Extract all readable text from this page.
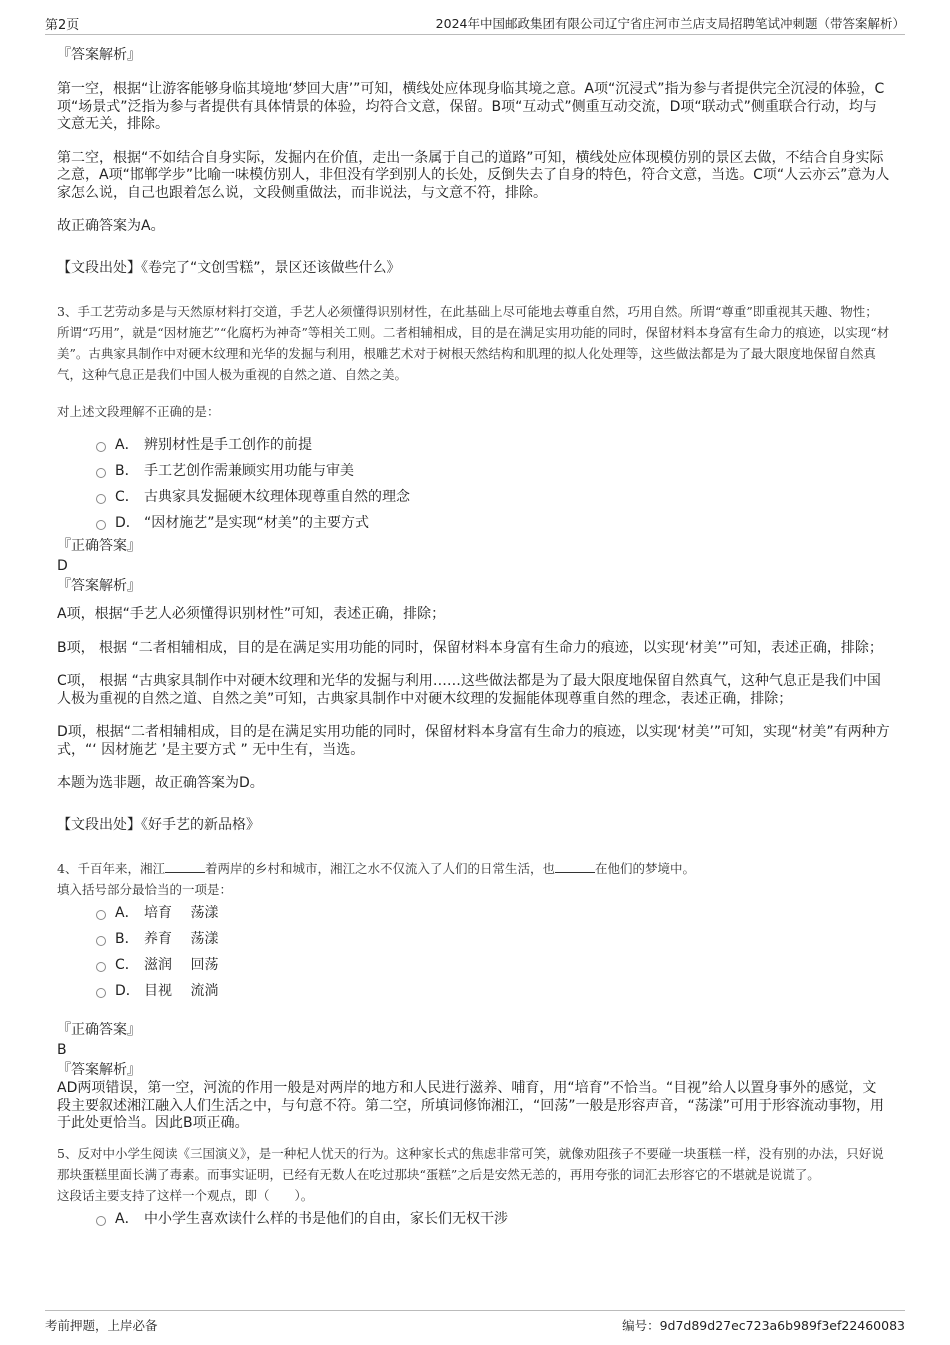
第2页	2024年中国邮政集团有限公司辽宁省庄河市兰店支局招聘笔试冲刺题（带答案解析）
『答案解析』

第一空，根据“让游客能够身临其境地‘梦回大唐’”可知，横线处应体现身临其境之意。A项“沉浸式”指为参与者提供完全沉浸的体验，C项“场景式”泛指为参与者提供有具体情景的体验，均符合文意，保留。B项“互动式”侧重互动交流，D项“联动式”侧重联合行动，均与文意无关，排除。

第二空，根据“不如结合自身实际，发掘内在价值，走出一条属于自己的道路”可知，横线处应体现模仿别的景区去做，不结合自身实际之意，A项“邯郸学步”比喻一味模仿别人，非但没有学到别人的长处，反倒失去了自身的特色，符合文意，当选。C项“人云亦云”意为人家怎么说，自己也跟着怎么说，文段侧重做法，而非说法，与文意不符，排除。

故正确答案为A。

【文段出处】《卷完了“文创雪糕”，景区还该做些什么》

3、手工艺劳动多是与天然原材料打交道，手艺人必须懂得识别材性，在此基础上尽可能地去尊重自然，巧用自然。所谓“尊重”即重视其天趣、物性；所谓“巧用”，就是“因材施艺”“化腐朽为神奇”等相关工则。二者相辅相成，目的是在满足实用功能的同时，保留材料本身富有生命力的痕迹，以实现“材美”。古典家具制作中对硬木纹理和光华的发掘与利用，根雕艺术对于树根天然结构和肌理的拟人化处理等，这些做法都是为了最大限度地保留自然真气，这种气息正是我们中国人极为重视的自然之道、自然之美。

对上述文段理解不正确的是：

A． 辨别材性是手工创作的前提
B． 手工艺创作需兼顾实用功能与审美
C． 古典家具发掘硬木纹理体现尊重自然的理念
D． “因材施艺”是实现“材美”的主要方式
『正确答案』
D
『答案解析』

A项，根据“手艺人必须懂得识别材性”可知，表述正确，排除；

B项， 根据 “二者相辅相成，目的是在满足实用功能的同时，保留材料本身富有生命力的痕迹，以实现‘材美’”可知，表述正确，排除；

C项， 根据 “古典家具制作中对硬木纹理和光华的发掘与利用……这些做法都是为了最大限度地保留自然真气，这种气息正是我们中国人极为重视的自然之道、自然之美”可知，古典家具制作中对硬木纹理的发掘能体现尊重自然的理念，表述正确，排除；

D项，根据“二者相辅相成，目的是在满足实用功能的同时，保留材料本身富有生命力的痕迹，以实现‘材美’”可知，实现“材美”有两种方式，“‘ 因材施艺 ’是主要方式 ” 无中生有，当选。

本题为选非题，故正确答案为D。

【文段出处】《好手艺的新品格》

4、千百年来，湘江	着两岸的乡村和城市，湘江之水不仅流入了人们的日常生活，也	在他们的梦境中。

填入括号部分最恰当的一项是：

A． 培育　 荡漾
B． 养育　 荡漾
C． 滋润　 回荡
D． 目视　 流淌
『正确答案』
B
『答案解析』

AD两项错误，第一空，河流的作用一般是对两岸的地方和人民进行滋养、哺育，用“培育”不恰当。“目视”给人以置身事外的感觉，文段主要叙述湘江融入人们生活之中，与句意不符。第二空，所填词修饰湘江，“回荡”一般是形容声音，“荡漾”可用于形容流动事物，用于此处更恰当。因此B项正确。

5、反对中小学生阅读《三国演义》，是一种杞人忧天的行为。这种家长式的焦虑非常可笑，就像劝阻孩子不要碰一块蛋糕一样，没有别的办法，只好说那块蛋糕里面长满了毒素。而事实证明，已经有无数人在吃过那块“蛋糕”之后是安然无恙的，再用夸张的词汇去形容它的不堪就是说谎了。

这段话主要支持了这样一个观点，即（　　）。

A． 中小学生喜欢读什么样的书是他们的自由，家长们无权干涉
考前押题，上岸必备	编号：9d7d89d27ec723a6b989f3ef22460083
